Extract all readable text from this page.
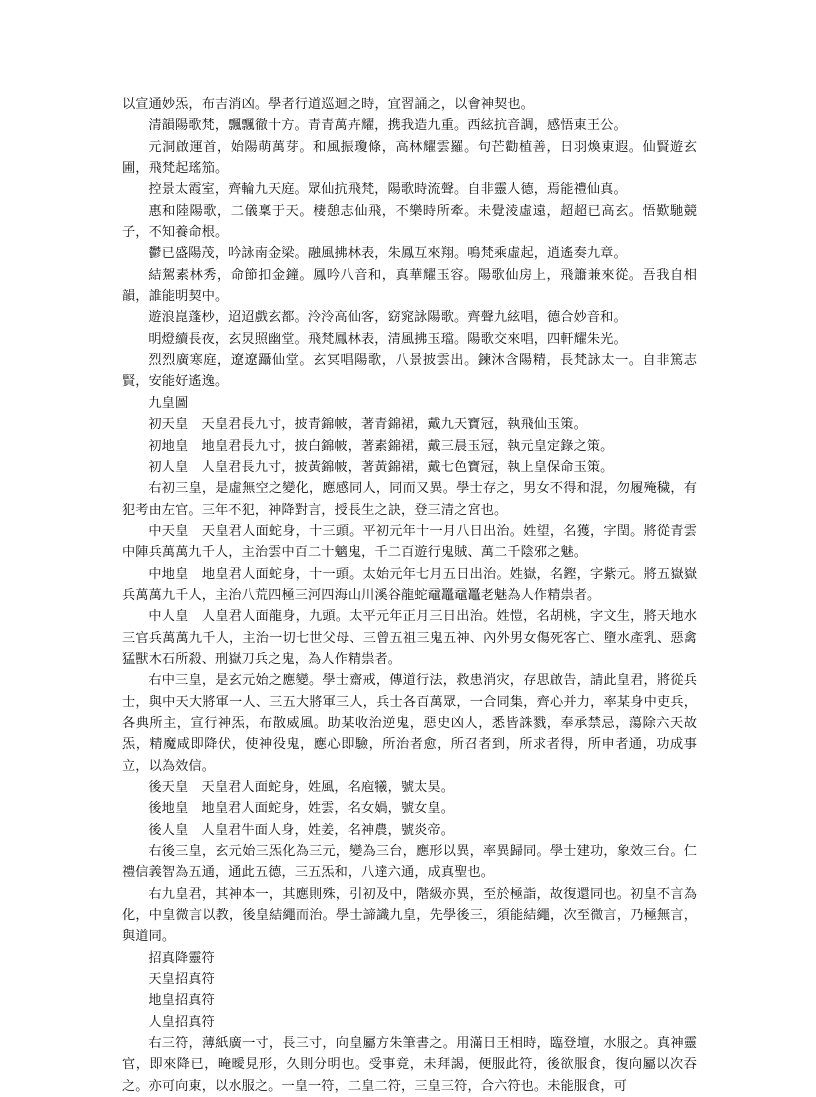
以宣通妙炁，布吉消凶。學者行道巡迴之時，宜習誦之，以會神契也。

清韻陽歌梵，飄飄徹十方。青青萬卉耀，携我造九重。西絃抗音調，感悟東王公。

元洞啟運首，始陽萌萬芽。和風振瓊條，高林耀雲羅。句芒勸植善，日羽煥東遐。仙賢遊玄圃，飛梵起瑤笳。

控景太霞室，齊輪九天庭。眾仙抗飛梵，陽歌時流聲。自非靈人德，焉能禮仙真。

惠和陸陽歌，二儀稟于天。棲憩志仙飛，不樂時所牽。未覺淩虛遠，超超已高玄。悟歎馳競子，不知養命根。

鬱已盛陽茂，吟詠南金梁。融風拂林表，朱鳳互來翔。鳴梵乘虛起，逍遙奏九章。

結駕素林秀，命節扣金鐘。鳳吟八音和，真華耀玉容。陽歌仙房上，飛簫兼來從。吾我自相韻，誰能明契中。

遊浪崑蓬杪，迢迢戲玄都。泠泠高仙客，窈窕詠陽歌。齊聲九絃唱，德合妙音和。

明燈續長夜，玄炅照幽堂。飛梵鳳林表，清風拂玉璫。陽歌交來唱，四軒耀朱光。

烈烈廣寒庭，遼遼躡仙堂。玄冥唱陽歌，八景披雲出。鍊沐含陽精，長梵詠太一。自非篤志賢，安能好遙逸。

九皇圖

初天皇　天皇君長九寸，披青錦帔，著青錦裙，戴九天寶冠，執飛仙玉策。

初地皇　地皇君長九寸，披白錦帔，著素錦裙，戴三晨玉冠，執元皇定錄之策。

初人皇　人皇君長九寸，披黃錦帔，著黃錦裙，戴七色寶冠，執上皇保命玉策。

右初三皇，是虛無空之變化，應感同人，同而又異。學士存之，男女不得和混，勿履殗穢，有犯考由左官。三年不犯，神降對言，授長生之訣，登三清之宮也。

中天皇　天皇君人面蛇身，十三頭。平初元年十一月八日出治。姓望，名獲，字閏。將從青雲中陣兵萬萬九千人，主治雲中百二十魑鬼，千二百遊行鬼賊、萬二千陰邪之魅。

中地皇　地皇君人面蛇身，十一頭。太始元年七月五日出治。姓嶽，名鏗，字紫元。將五嶽嶽兵萬萬九千人，主治八荒四極三河四海山川溪谷龍蛇黿鼉黿鼉老魅為人作精祟者。

中人皇　人皇君人面龍身，九頭。太平元年正月三日出治。姓愷，名胡桃，字文生，將天地水三官兵萬萬九千人，主治一切七世父母、三曾五祖三鬼五神、內外男女傷死客亡、墮水產乳、惡禽猛獸木石所殺、刑嶽刀兵之鬼，為人作精祟者。

右中三皇，是玄元始之應變。學士齋戒，傳道行法，救患消灾，存思啟告，請此皇君，將從兵士，與中天大將軍一人、三五大將軍三人，兵士各百萬眾，一合同集，齊心并力，率某身中吏兵，各典所主，宣行神炁，布散威風。助某收治逆鬼，惡史凶人，悉皆誅戮，奉承禁忌，蕩除六天故炁，精魔咸即降伏，使神役鬼，應心即驗，所治者愈，所召者到，所求者得，所申者通，功成事立，以為效信。

後天皇　天皇君人面蛇身，姓風，名庖犧，號太昊。

後地皇　地皇君人面蛇身，姓雲，名女媧，號女皇。

後人皇　人皇君牛面人身，姓姜，名神農，號炎帝。

右後三皇，玄元始三炁化為三元，變為三台，應形以異，率異歸同。學士建功，象效三台。仁禮信義智為五通，通此五德，三五炁和，八達六通，成真聖也。

右九皇君，其神本一，其應則殊，引初及中，階級亦異，至於極詣，故復還同也。初皇不言為化，中皇微言以教，後皇結繩而治。學士諦識九皇，先學後三，須能結繩，次至微言，乃極無言，與道同。

招真降靈符

天皇招真符

地皇招真符

人皇招真符

右三符，薄紙廣一寸，長三寸，向皇屬方朱筆書之。用滿日王相時，臨登壇，水服之。真神靈官，即來降已，晻曖見形，久則分明也。受事竟，未拜謁，便服此符，後欲服食，復向屬以次吞之。亦可向東，以水服之。一皇一符，二皇二符，三皇三符，合六符也。未能服食，可
